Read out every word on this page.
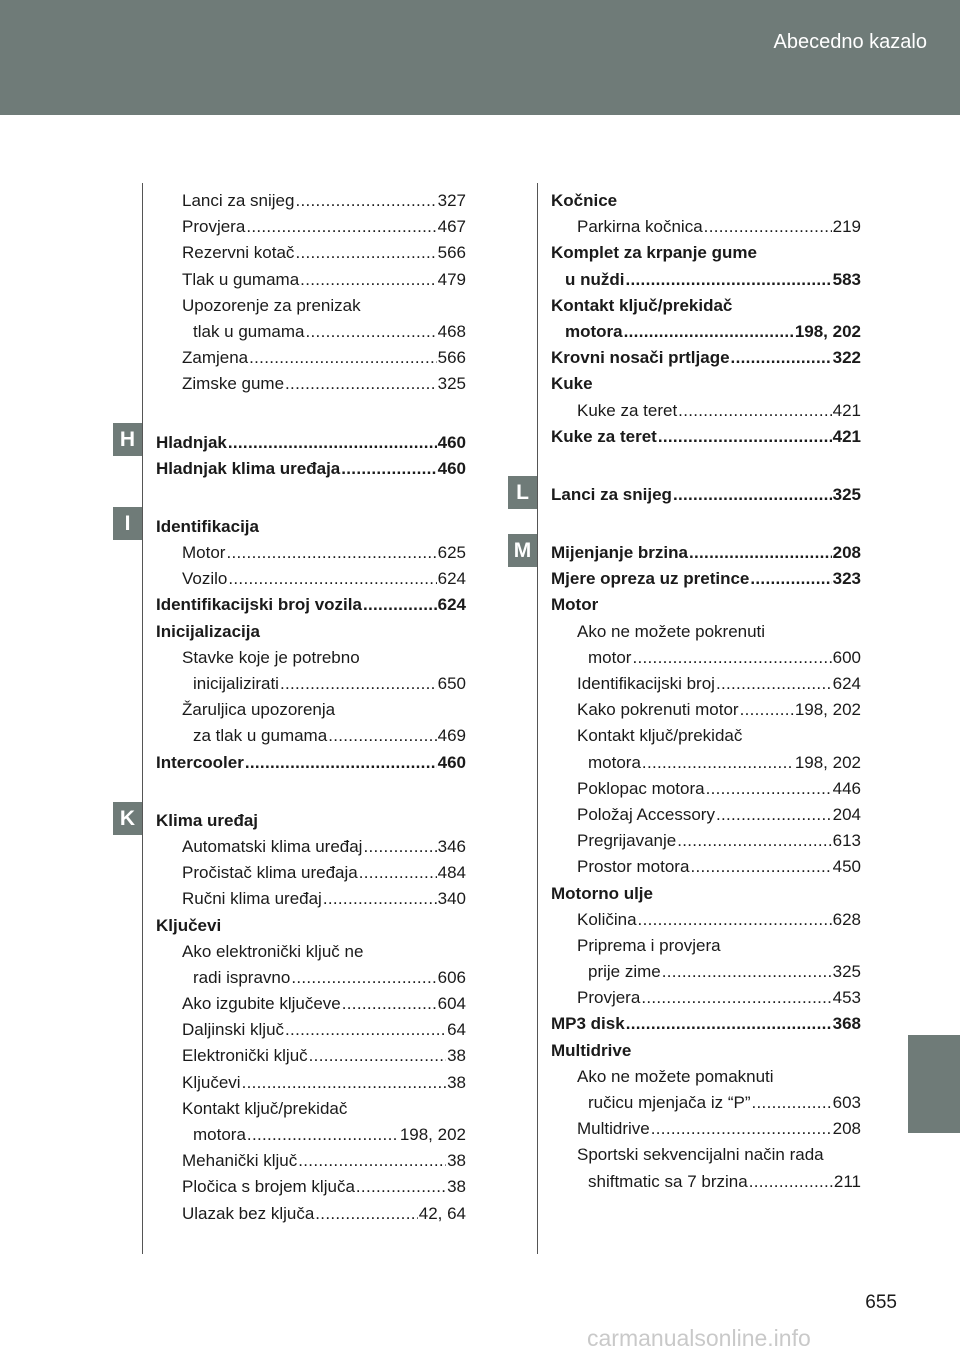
Abecedno kazalo
H
I
K
L
M
Lanci za snijeg .....	327
Provjera .....	467
Rezervni kotač .....	566
Tlak u gumama .....	479
Upozorenje za prenizak
tlak u gumama .....	468
Zamjena .....	566
Zimske gume .....	325
Hladnjak .....	460
Hladnjak klima uređaja .....	460
Identifikacija
Motor .....	625
Vozilo .....	624
Identifikacijski broj vozila .....	624
Inicijalizacija
Stavke koje je potrebno
inicijalizirati .....	650
Žaruljica upozorenja
za tlak u gumama .....	469
Intercooler .....	460
Klima uređaj
Automatski klima uređaj .....	346
Pročistač klima uređaja .....	484
Ručni klima uređaj .....	340
Ključevi
Ako elektronički ključ ne
radi ispravno .....	606
Ako izgubite ključeve .....	604
Daljinski ključ .....	64
Elektronički ključ .....	38
Ključevi .....	38
Kontakt ključ/prekidač
motora .....	198, 202
Mehanički ključ .....	38
Pločica s brojem ključa .....	38
Ulazak bez ključa .....	42, 64
Kočnice
Parkirna kočnica .....	219
Komplet za krpanje gume
u nuždi .....	583
Kontakt ključ/prekidač
motora .....	198, 202
Krovni nosači prtljage .....	322
Kuke
Kuke za teret .....	421
Kuke za teret .....	421
Lanci za snijeg .....	325
Mijenjanje brzina .....	208
Mjere opreza uz pretince .....	323
Motor
Ako ne možete pokrenuti
motor .....	600
Identifikacijski broj .....	624
Kako pokrenuti motor .....	198, 202
Kontakt ključ/prekidač
motora .....	198, 202
Poklopac motora .....	446
Položaj Accessory .....	204
Pregrijavanje .....	613
Prostor motora .....	450
Motorno ulje
Količina .....	628
Priprema i provjera
prije zime .....	325
Provjera .....	453
MP3 disk .....	368
Multidrive
Ako ne možete pomaknuti
ručicu mjenjača iz “P” .....	603
Multidrive .....	208
Sportski sekvencijalni način rada
shiftmatic sa 7 brzina .....	211
655
carmanualsonline.info
